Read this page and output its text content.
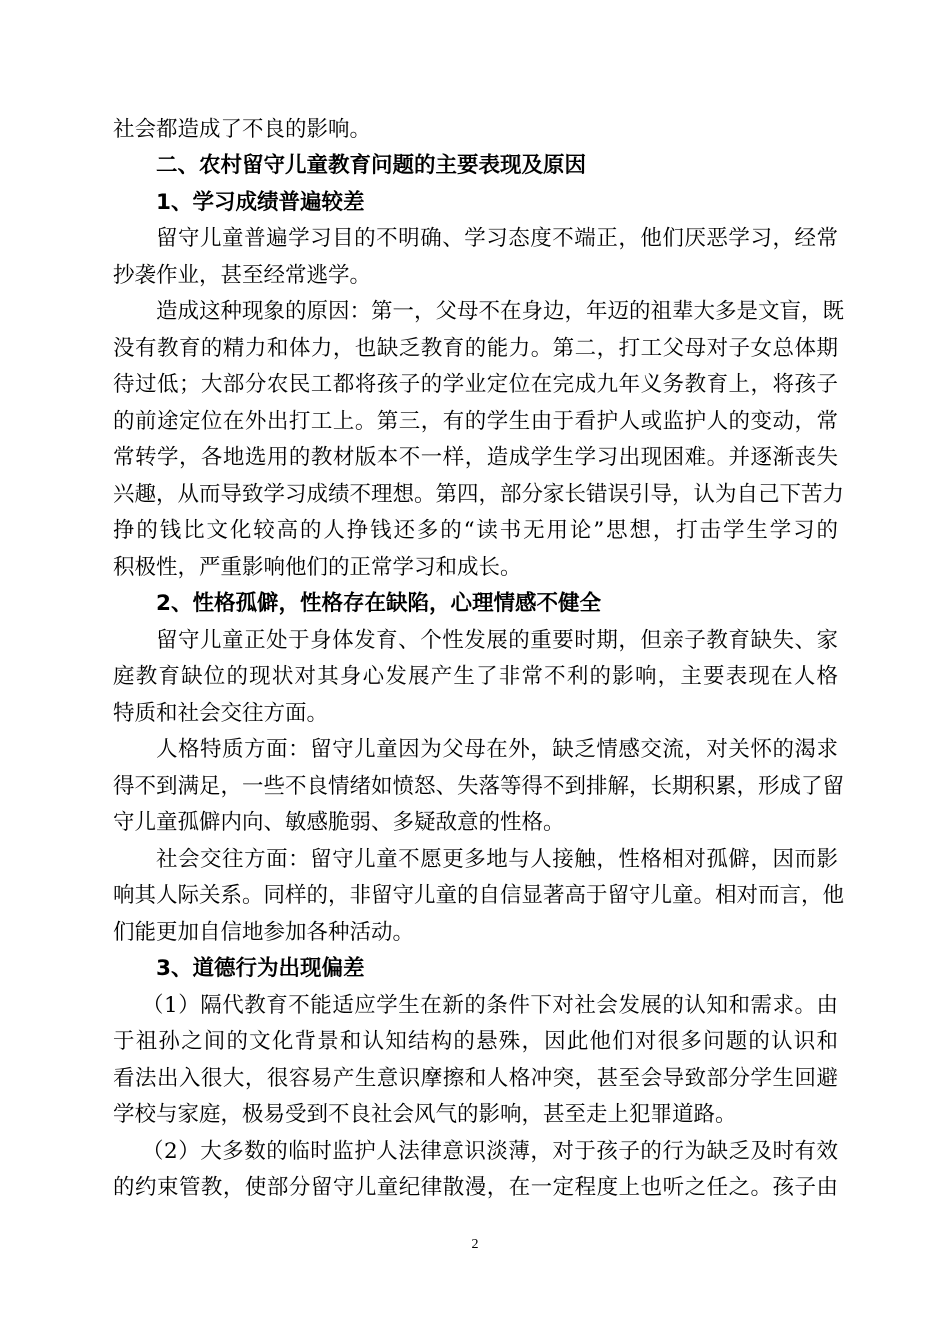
社会都造成了不良的影响。
二、农村留守儿童教育问题的主要表现及原因
1、学习成绩普遍较差
留守儿童普遍学习目的不明确、学习态度不端正，他们厌恶学习，经常
抄袭作业，甚至经常逃学。
造成这种现象的原因：第一，父母不在身边，年迈的祖辈大多是文盲，既
没有教育的精力和体力，也缺乏教育的能力。第二，打工父母对子女总体期
待过低；大部分农民工都将孩子的学业定位在完成九年义务教育上，将孩子
的前途定位在外出打工上。第三，有的学生由于看护人或监护人的变动，常
常转学，各地选用的教材版本不一样，造成学生学习出现困难。并逐渐丧失
兴趣，从而导致学习成绩不理想。第四，部分家长错误引导，认为自己下苦力
挣的钱比文化较高的人挣钱还多的“读书无用论”思想，打击学生学习的
积极性，严重影响他们的正常学习和成长。
2、性格孤僻，性格存在缺陷，心理情感不健全
留守儿童正处于身体发育、个性发展的重要时期，但亲子教育缺失、家
庭教育缺位的现状对其身心发展产生了非常不利的影响，主要表现在人格
特质和社会交往方面。
人格特质方面：留守儿童因为父母在外，缺乏情感交流，对关怀的渴求
得不到满足，一些不良情绪如愤怒、失落等得不到排解，长期积累，形成了留
守儿童孤僻内向、敏感脆弱、多疑敌意的性格。
社会交往方面：留守儿童不愿更多地与人接触，性格相对孤僻，因而影
响其人际关系。同样的，非留守儿童的自信显著高于留守儿童。相对而言，他
们能更加自信地参加各种活动。
3、道德行为出现偏差
（1）隔代教育不能适应学生在新的条件下对社会发展的认知和需求。由
于祖孙之间的文化背景和认知结构的悬殊，因此他们对很多问题的认识和
看法出入很大，很容易产生意识摩擦和人格冲突，甚至会导致部分学生回避
学校与家庭，极易受到不良社会风气的影响，甚至走上犯罪道路。
（2）大多数的临时监护人法律意识淡薄，对于孩子的行为缺乏及时有效
的约束管教，使部分留守儿童纪律散漫，在一定程度上也听之任之。孩子由
2
